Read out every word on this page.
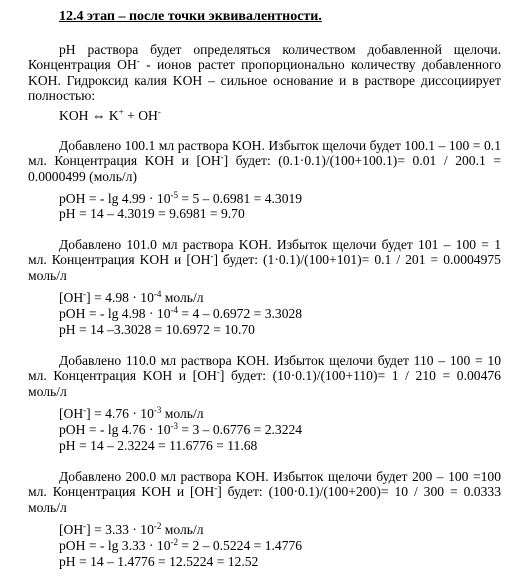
12.4 этап – после точки эквивалентности.
pH раствора будет определяться количеством добавленной щелочи. Концентрация OH- - ионов растет пропорционально количеству добавленного KOH. Гидроксид калия KOH – сильное основание и в растворе диссоциирует полностью:
KOH ⇔ K+ + OH-
Добавлено 100.1 мл раствора KOH. Избыток щелочи будет 100.1 – 100 = 0.1 мл. Концентрация KOH и [OH-] будет: (0.1·0.1)/(100+100.1)= 0.01 / 200.1 = 0.0000499 (моль/л)
pOH = - $\lg 4.99 \cdot 10^{-5} = 5 - 0.6981 = 4.3019$
pH = 14 – 4.3019 = 9.6981 = 9.70
Добавлено 101.0 мл раствора KOH. Избыток щелочи будет 101 – 100 = 1 мл. Концентрация KOH и [OH-] будет: (1·0.1)/(100+101)= 0.1 / 201 = 0.0004975 моль/л
$[OH^-] = 4.98 \cdot 10^{-4}$ моль/л
pOH = - $\lg 4.98 \cdot 10^{-4} = 4 - 0.6972 = 3.3028$
pH = 14 –3.3028 = 10.6972 = 10.70
Добавлено 110.0 мл раствора KOH. Избыток щелочи будет 110 – 100 = 10 мл. Концентрация KOH и [OH-] будет: (10·0.1)/(100+110)= 1 / 210 = 0.00476 моль/л
$[OH^-] = 4.76 \cdot 10^{-3}$ моль/л
pOH = - $\lg 4.76 \cdot 10^{-3} = 3 - 0.6776 = 2.3224$
pH = 14 – 2.3224 = 11.6776 = 11.68
Добавлено 200.0 мл раствора KOH. Избыток щелочи будет 200 – 100 =100 мл. Концентрация KOH и [OH-] будет: (100·0.1)/(100+200)= 10 / 300 = 0.0333 моль/л
$[OH^-] = 3.33 \cdot 10^{-2}$ моль/л
pOH = - $\lg 3.33 \cdot 10^{-2} = 2 - 0.5224 = 1.4776$
pH = 14 – 1.4776 = 12.5224 = 12.52
